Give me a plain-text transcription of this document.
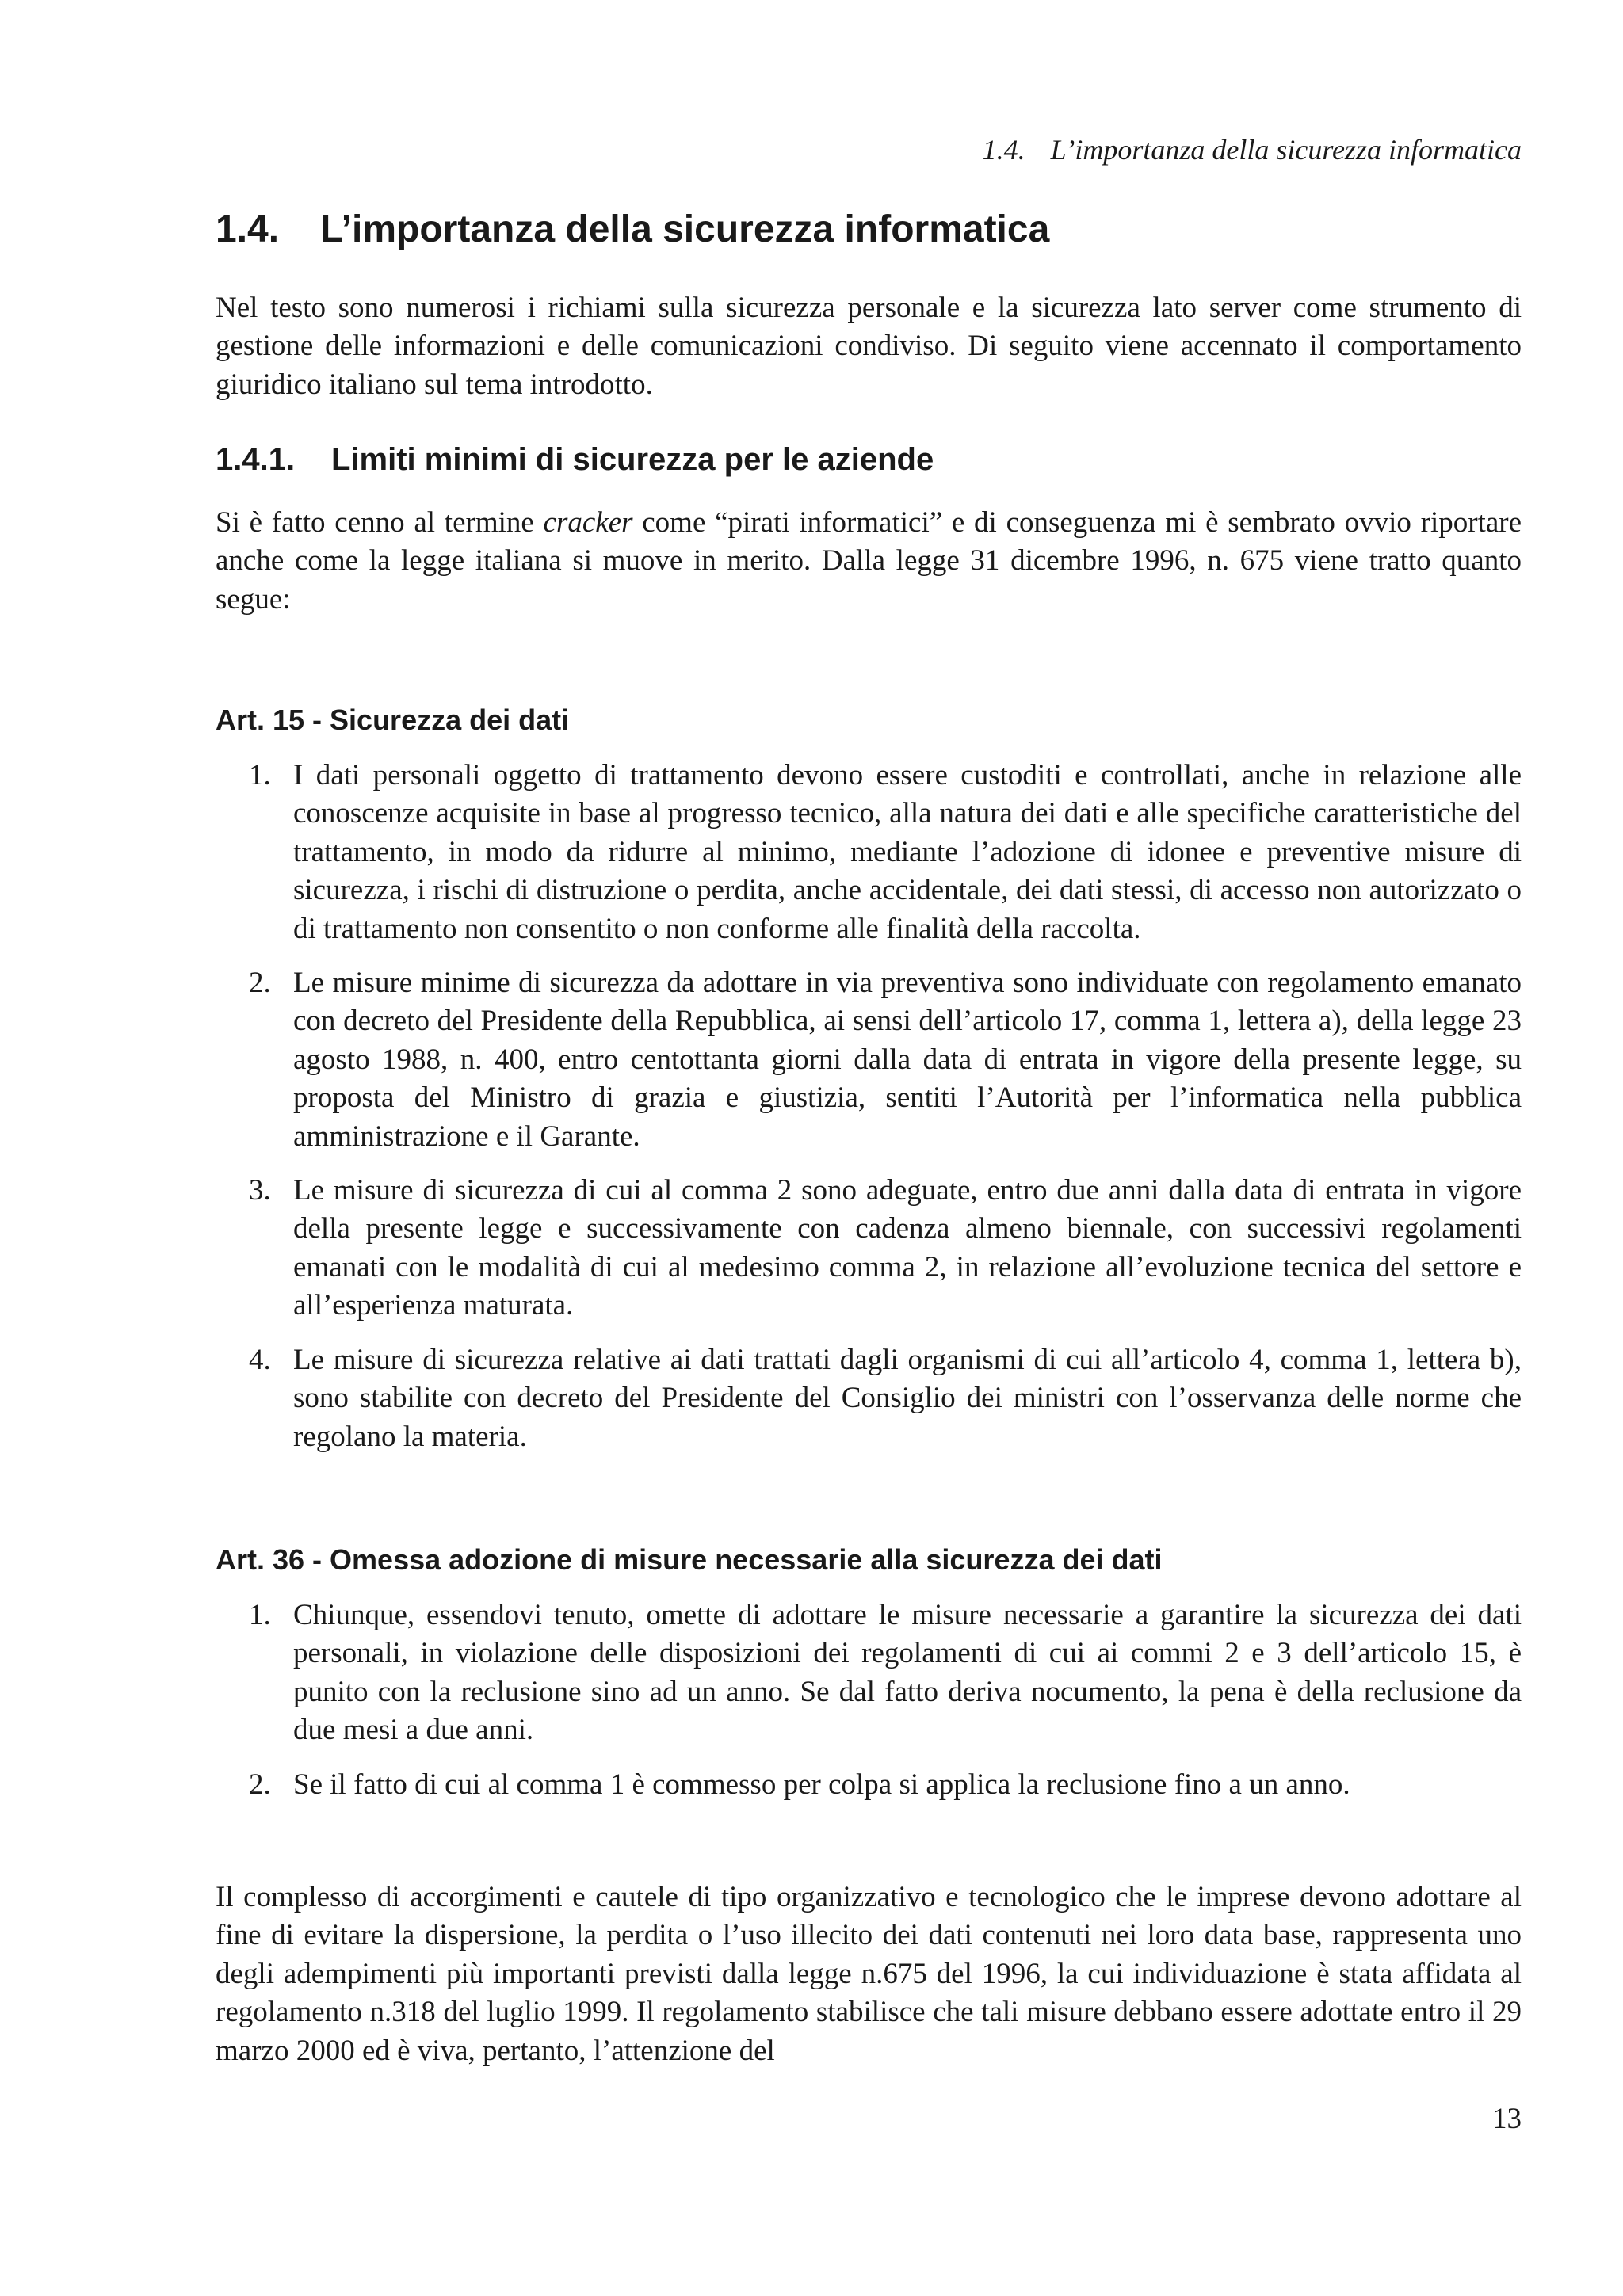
1.4. L’importanza della sicurezza informatica
1.4. L’importanza della sicurezza informatica

Nel testo sono numerosi i richiami sulla sicurezza personale e la sicurezza lato server come strumento di gestione delle informazioni e delle comunicazioni condiviso. Di seguito viene accennato il comportamento giuridico italiano sul tema introdotto.

1.4.1. Limiti minimi di sicurezza per le aziende

Si è fatto cenno al termine cracker come “pirati informatici” e di conseguenza mi è sembrato ovvio riportare anche come la legge italiana si muove in merito. Dalla legge 31 dicembre 1996, n. 675 viene tratto quanto segue:

Art. 15 - Sicurezza dei dati
1. I dati personali oggetto di trattamento devono essere custoditi e controllati, anche in relazione alle conoscenze acquisite in base al progresso tecnico, alla natura dei dati e alle specifiche caratteristiche del trattamento, in modo da ridurre al minimo, mediante l’adozione di idonee e preventive misure di sicurezza, i rischi di distruzione o perdita, anche accidentale, dei dati stessi, di accesso non autorizzato o di trattamento non consentito o non conforme alle finalità della raccolta.
2. Le misure minime di sicurezza da adottare in via preventiva sono individuate con regolamento emanato con decreto del Presidente della Repubblica, ai sensi dell’articolo 17, comma 1, lettera a), della legge 23 agosto 1988, n. 400, entro centottanta giorni dalla data di entrata in vigore della presente legge, su proposta del Ministro di grazia e giustizia, sentiti l’Autorità per l’informatica nella pubblica amministrazione e il Garante.
3. Le misure di sicurezza di cui al comma 2 sono adeguate, entro due anni dalla data di entrata in vigore della presente legge e successivamente con cadenza almeno biennale, con successivi regolamenti emanati con le modalità di cui al medesimo comma 2, in relazione all’evoluzione tecnica del settore e all’esperienza maturata.
4. Le misure di sicurezza relative ai dati trattati dagli organismi di cui all’articolo 4, comma 1, lettera b), sono stabilite con decreto del Presidente del Consiglio dei ministri con l’osservanza delle norme che regolano la materia.
Art. 36 - Omessa adozione di misure necessarie alla sicurezza dei dati
1. Chiunque, essendovi tenuto, omette di adottare le misure necessarie a garantire la sicurezza dei dati personali, in violazione delle disposizioni dei regolamenti di cui ai commi 2 e 3 dell’articolo 15, è punito con la reclusione sino ad un anno. Se dal fatto deriva nocumento, la pena è della reclusione da due mesi a due anni.
2. Se il fatto di cui al comma 1 è commesso per colpa si applica la reclusione fino a un anno.

Il complesso di accorgimenti e cautele di tipo organizzativo e tecnologico che le imprese devono adottare al fine di evitare la dispersione, la perdita o l’uso illecito dei dati contenuti nei loro data base, rappresenta uno degli adempimenti più importanti previsti dalla legge n.675 del 1996, la cui individuazione è stata affidata al regolamento n.318 del luglio 1999. Il regolamento stabilisce che tali misure debbano essere adottate entro il 29 marzo 2000 ed è viva, pertanto, l’attenzione del

13
